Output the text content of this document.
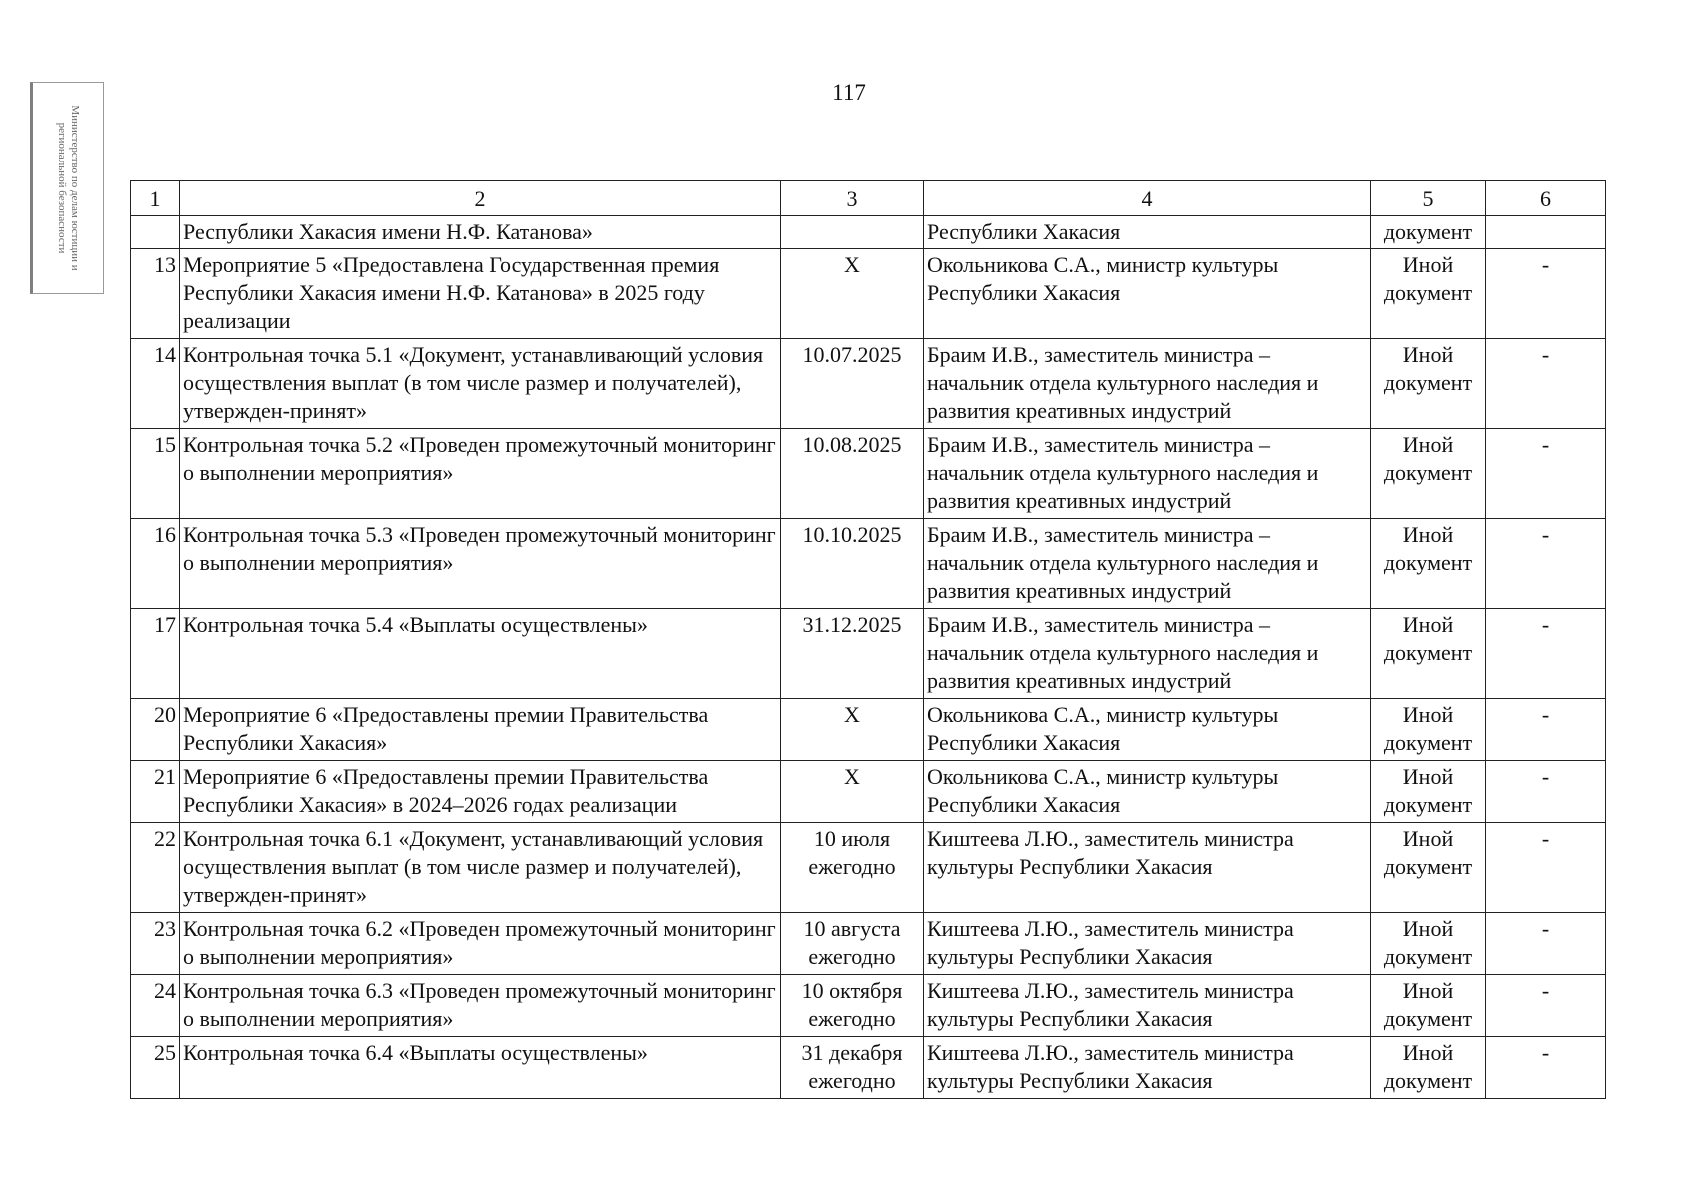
117
Министерство по делам юстиции и региональной безопасности	1	2	3	4	5	6
	Республики Хакасия имени Н.Ф. Катанова»		Республики Хакасия	документ	
13	Мероприятие 5 «Предоставлена Государственная премия Республики Хакасия имени Н.Ф. Катанова» в 2025 году реализации	Х	Окольникова С.А., министр культуры Республики Хакасия	Иной документ	-
14	Контрольная точка 5.1 «Документ, устанавливающий условия осуществления выплат (в том числе размер и получателей), утвержден-принят»	10.07.2025	Браим И.В., заместитель министра – начальник отдела культурного наследия и развития креативных индустрий	Иной документ	-
15	Контрольная точка 5.2 «Проведен промежуточный мониторинг о выполнении мероприятия»	10.08.2025	Браим И.В., заместитель министра – начальник отдела культурного наследия и развития креативных индустрий	Иной документ	-
16	Контрольная точка 5.3 «Проведен промежуточный мониторинг о выполнении мероприятия»	10.10.2025	Браим И.В., заместитель министра – начальник отдела культурного наследия и развития креативных индустрий	Иной документ	-
17	Контрольная точка 5.4 «Выплаты осуществлены»	31.12.2025	Браим И.В., заместитель министра – начальник отдела культурного наследия и развития креативных индустрий	Иной документ	-
20	Мероприятие 6 «Предоставлены премии Правительства Республики Хакасия»	Х	Окольникова С.А., министр культуры Республики Хакасия	Иной документ	-
21	Мероприятие 6 «Предоставлены премии Правительства Республики Хакасия» в 2024–2026 годах реализации	Х	Окольникова С.А., министр культуры Республики Хакасия	Иной документ	-
22	Контрольная точка 6.1 «Документ, устанавливающий условия осуществления выплат (в том числе размер и получателей), утвержден-принят»	10 июля ежегодно	Киштеева Л.Ю., заместитель министра культуры Республики Хакасия	Иной документ	-
23	Контрольная точка 6.2 «Проведен промежуточный мониторинг о выполнении мероприятия»	10 августа ежегодно	Киштеева Л.Ю., заместитель министра культуры Республики Хакасия	Иной документ	-
24	Контрольная точка 6.3 «Проведен промежуточный мониторинг о выполнении мероприятия»	10 октября ежегодно	Киштеева Л.Ю., заместитель министра культуры Республики Хакасия	Иной документ	-
25	Контрольная точка 6.4 «Выплаты осуществлены»	31 декабря ежегодно	Киштеева Л.Ю., заместитель министра культуры Республики Хакасия	Иной документ	-
